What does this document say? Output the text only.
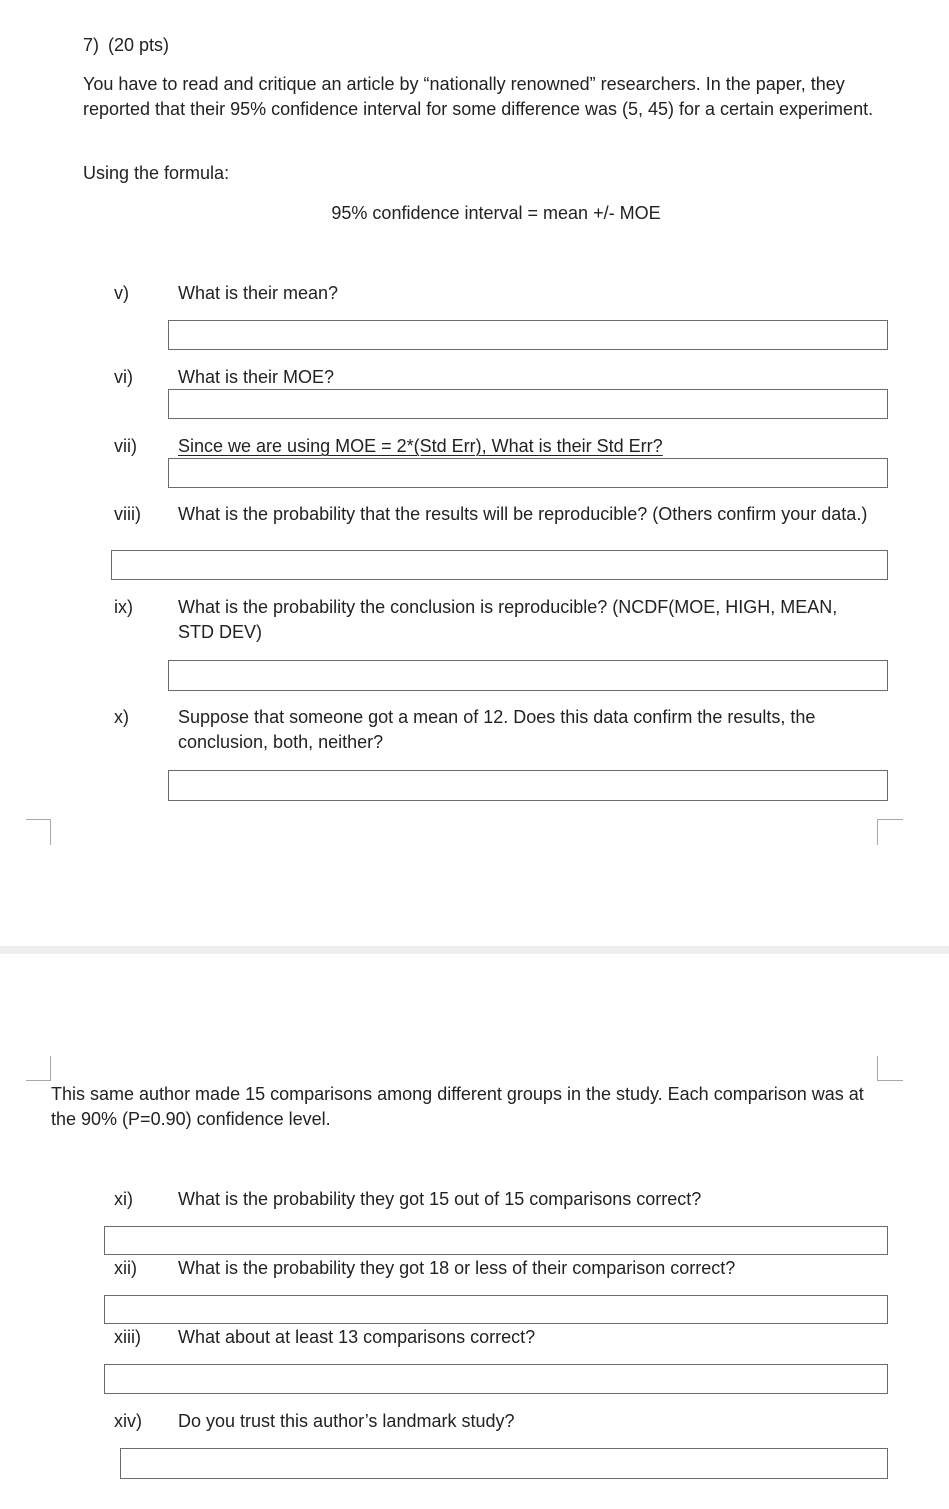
7) (20 pts)
You have to read and critique an article by “nationally renowned” researchers. In the paper, they reported that their 95% confidence interval for some difference was (5, 45) for a certain experiment.
Using the formula:
95% confidence interval = mean +/- MOE
v)	What is their mean?
vi)	What is their MOE?
vii) Since we are using MOE = 2*(Std Err), What is their Std Err?
viii) What is the probability that the results will be reproducible? (Others confirm your data.)
ix)	What is the probability the conclusion is reproducible? (NCDF(MOE, HIGH, MEAN, STD DEV)
x)	Suppose that someone got a mean of 12. Does this data confirm the results, the conclusion, both, neither?
This same author made 15 comparisons among different groups in the study. Each comparison was at the 90% (P=0.90) confidence level.
xi)	What is the probability they got 15 out of 15 comparisons correct?
xii) What is the probability they got 18 or less of their comparison correct?
xiii) What about at least 13 comparisons correct?
xiv) Do you trust this author’s landmark study?
